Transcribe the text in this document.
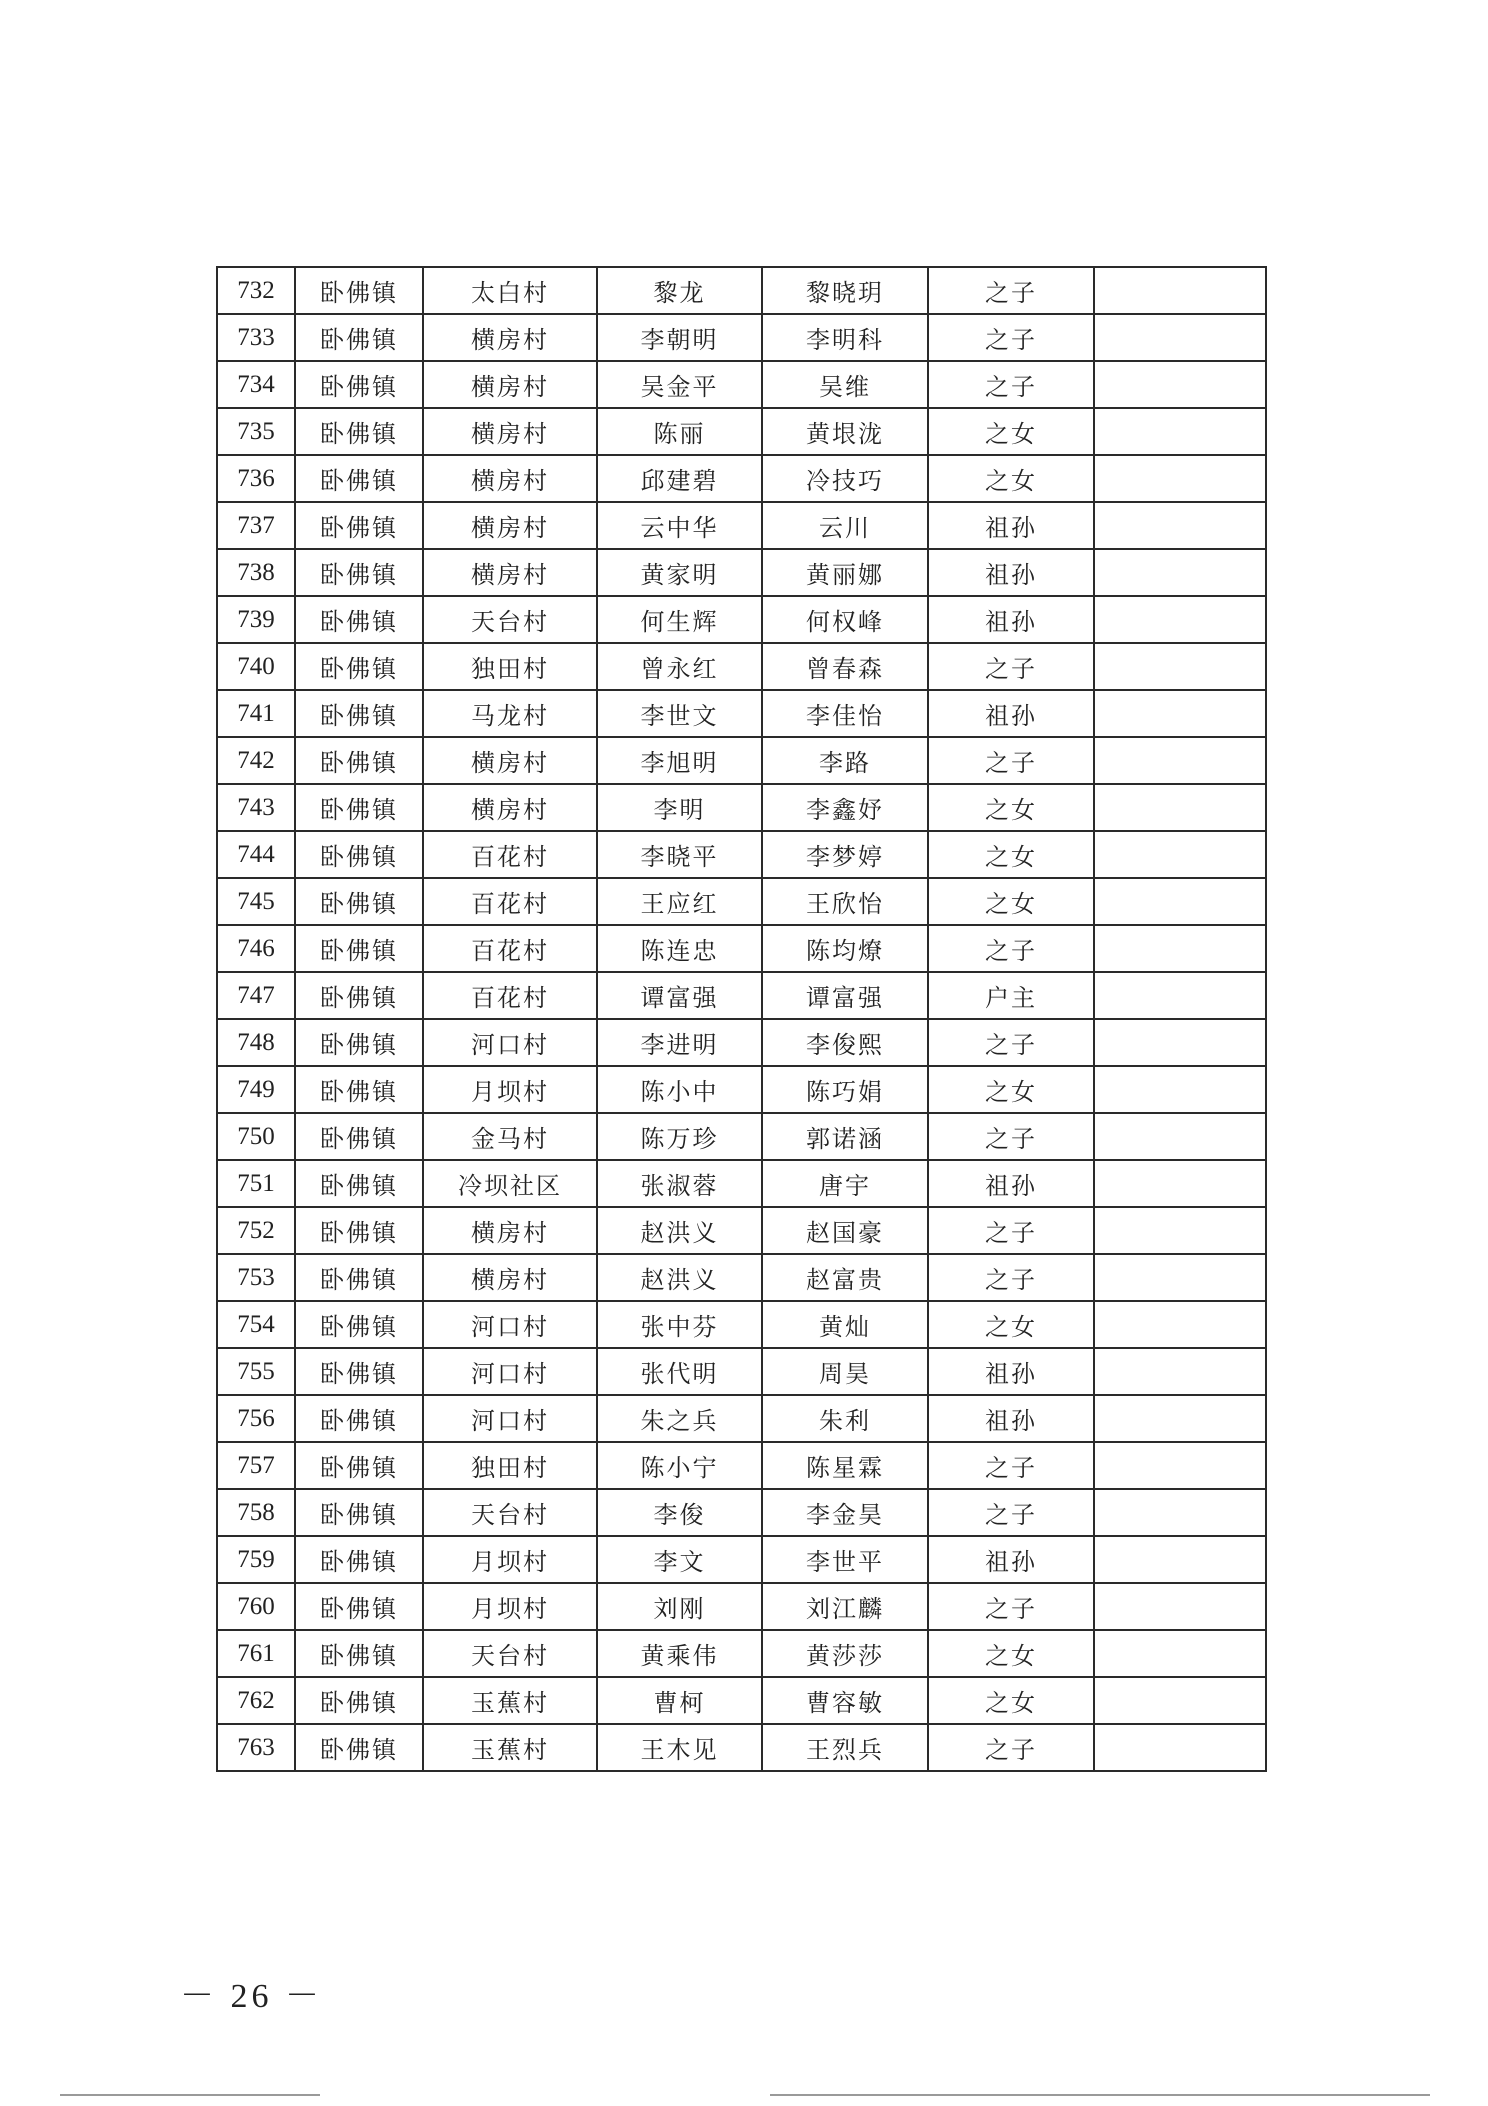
732	卧佛镇	太白村	黎龙	黎晓玥	之子	
733	卧佛镇	横房村	李朝明	李明科	之子	
734	卧佛镇	横房村	吴金平	吴维	之子	
735	卧佛镇	横房村	陈丽	黄垠泷	之女	
736	卧佛镇	横房村	邱建碧	冷技巧	之女	
737	卧佛镇	横房村	云中华	云川	祖孙	
738	卧佛镇	横房村	黄家明	黄丽娜	祖孙	
739	卧佛镇	天台村	何生辉	何权峰	祖孙	
740	卧佛镇	独田村	曾永红	曾春森	之子	
741	卧佛镇	马龙村	李世文	李佳怡	祖孙	
742	卧佛镇	横房村	李旭明	李路	之子	
743	卧佛镇	横房村	李明	李鑫妤	之女	
744	卧佛镇	百花村	李晓平	李梦婷	之女	
745	卧佛镇	百花村	王应红	王欣怡	之女	
746	卧佛镇	百花村	陈连忠	陈均燎	之子	
747	卧佛镇	百花村	谭富强	谭富强	户主	
748	卧佛镇	河口村	李进明	李俊熙	之子	
749	卧佛镇	月坝村	陈小中	陈巧娟	之女	
750	卧佛镇	金马村	陈万珍	郭诺涵	之子	
751	卧佛镇	冷坝社区	张淑蓉	唐宇	祖孙	
752	卧佛镇	横房村	赵洪义	赵国豪	之子	
753	卧佛镇	横房村	赵洪义	赵富贵	之子	
754	卧佛镇	河口村	张中芬	黄灿	之女	
755	卧佛镇	河口村	张代明	周昊	祖孙	
756	卧佛镇	河口村	朱之兵	朱利	祖孙	
757	卧佛镇	独田村	陈小宁	陈星霖	之子	
758	卧佛镇	天台村	李俊	李金昊	之子	
759	卧佛镇	月坝村	李文	李世平	祖孙	
760	卧佛镇	月坝村	刘刚	刘江麟	之子	
761	卧佛镇	天台村	黄乘伟	黄莎莎	之女	
762	卧佛镇	玉蕉村	曹柯	曹容敏	之女	
763	卧佛镇	玉蕉村	王木见	王烈兵	之子	
－ 26 －
